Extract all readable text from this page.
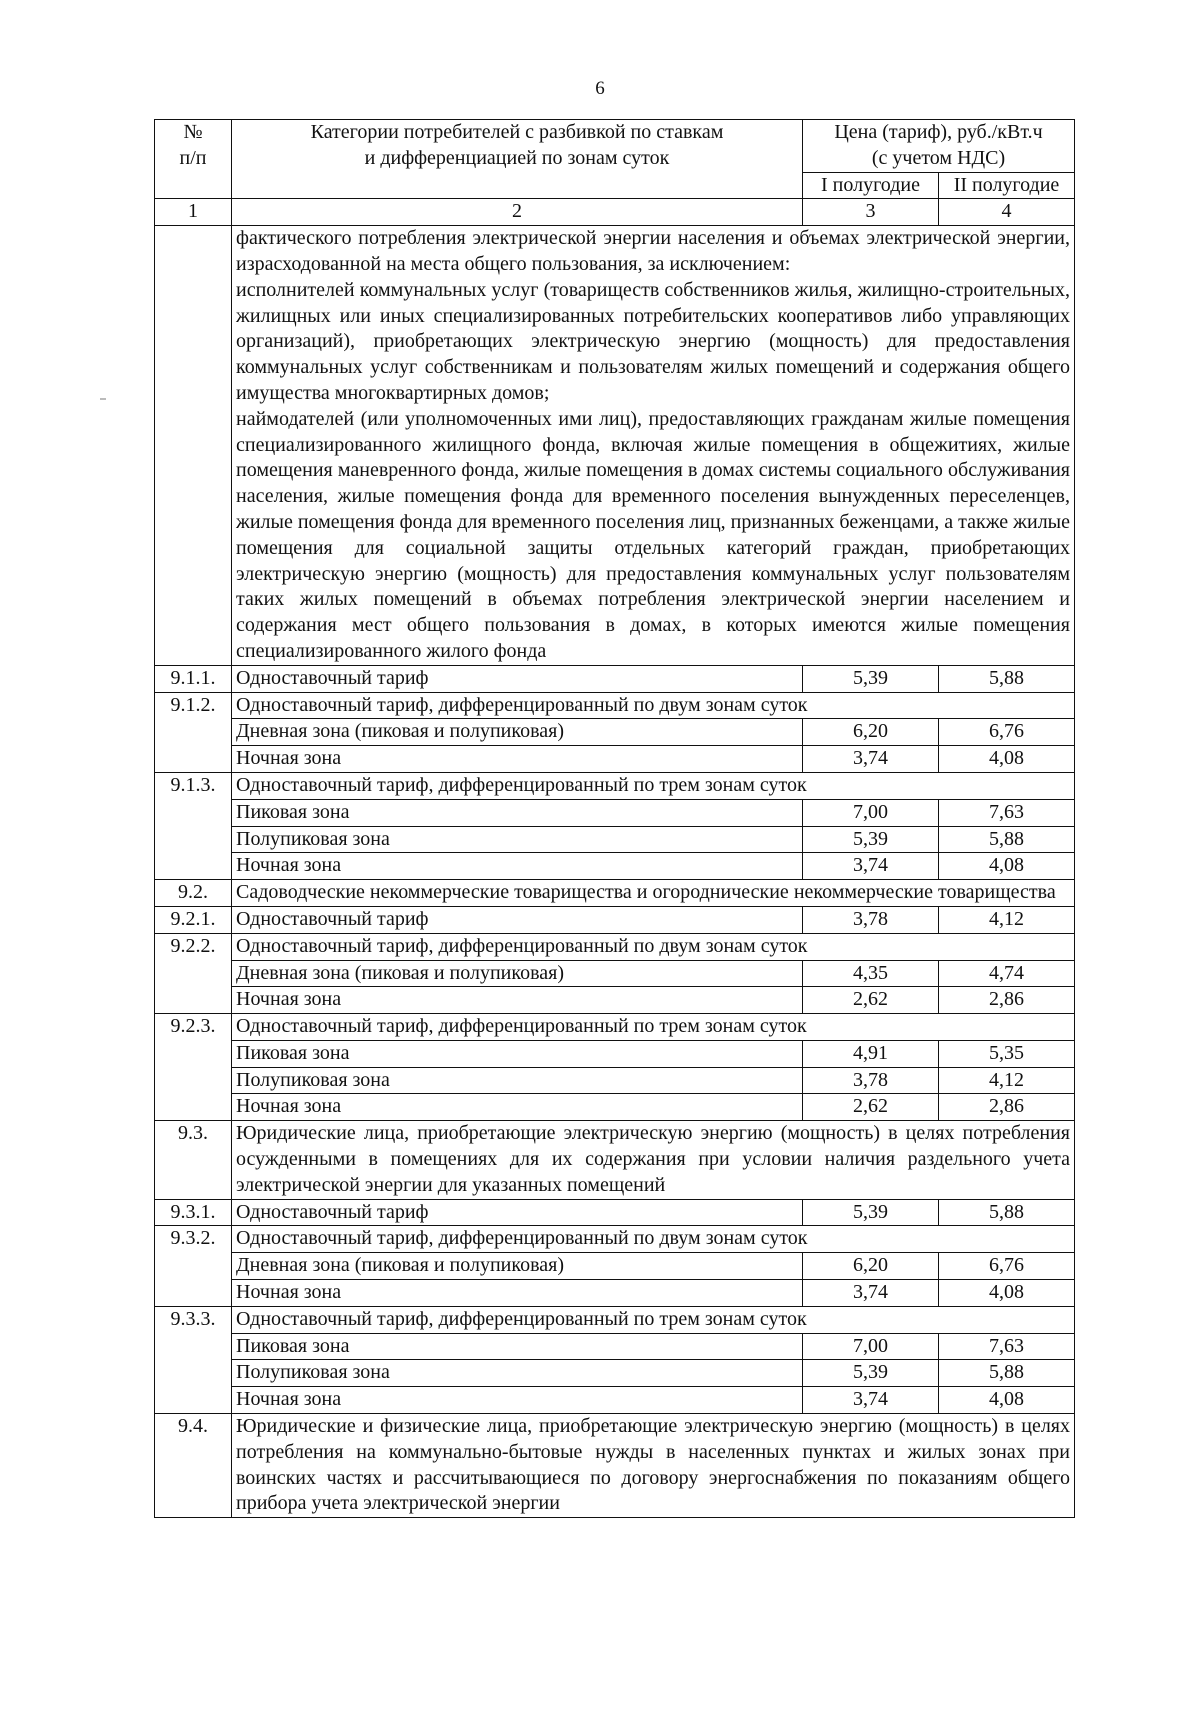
6
№
п/п	Категории потребителей с разбивкой по ставкам
и дифференциацией по зонам суток	Цена (тариф), руб./кВт.ч
(с учетом НДС)	

		I полугодие	II полугодие
1	2	3	4

	фактического потребления электрической энергии населения и объемах электрической энергии, израсходованной на места общего пользования, за исключением:
исполнителей коммунальных услуг (товариществ собственников жилья, жилищно-строительных, жилищных или иных специализированных потребительских кооперативов либо управляющих организаций), приобретающих электрическую энергию (мощность) для предоставления коммунальных услуг собственникам и пользователям жилых помещений и содержания общего имущества многоквартирных домов;
наймодателей (или уполномоченных ими лиц), предоставляющих гражданам жилые помещения специализированного жилищного фонда, включая жилые помещения в общежитиях, жилые помещения маневренного фонда, жилые помещения в домах системы социального обслуживания населения, жилые помещения фонда для временного поселения вынужденных переселенцев, жилые помещения фонда для временного поселения лиц, признанных беженцами, а также жилые помещения для социальной защиты отдельных категорий граждан, приобретающих электрическую энергию (мощность) для предоставления коммунальных услуг пользователям таких жилых помещений в объемах потребления электрической энергии населением и содержания мест общего пользования в домах, в которых имеются жилые помещения специализированного жилого фонда		

9.1.1.	Одноставочный тариф	5,39	5,88
9.1.2.	Одноставочный тариф, дифференцированный по двум зонам суток		
	Дневная зона (пиковая и полупиковая)	6,20	6,76
	Ночная зона	3,74	4,08
9.1.3.	Одноставочный тариф, дифференцированный по трем зонам суток		
	Пиковая зона	7,00	7,63
	Полупиковая зона	5,39	5,88
	Ночная зона	3,74	4,08
9.2.	Садоводческие некоммерческие товарищества и огороднические некоммерческие товарищества		
9.2.1.	Одноставочный тариф	3,78	4,12
9.2.2.	Одноставочный тариф, дифференцированный по двум зонам суток		
	Дневная зона (пиковая и полупиковая)	4,35	4,74
	Ночная зона	2,62	2,86
9.2.3.	Одноставочный тариф, дифференцированный по трем зонам суток		
	Пиковая зона	4,91	5,35
	Полупиковая зона	3,78	4,12
	Ночная зона	2,62	2,86
9.3.	Юридические лица, приобретающие электрическую энергию (мощность) в целях потребления осужденными в помещениях для их содержания при условии наличия раздельного учета электрической энергии для указанных помещений		
9.3.1.	Одноставочный тариф	5,39	5,88
9.3.2.	Одноставочный тариф, дифференцированный по двум зонам суток		
	Дневная зона (пиковая и полупиковая)	6,20	6,76
	Ночная зона	3,74	4,08
9.3.3.	Одноставочный тариф, дифференцированный по трем зонам суток		
	Пиковая зона	7,00	7,63
	Полупиковая зона	5,39	5,88
	Ночная зона	3,74	4,08
9.4.	Юридические и физические лица, приобретающие электрическую энергию (мощность) в целях потребления на коммунально-бытовые нужды в населенных пунктах и жилых зонах при воинских частях и рассчитывающиеся по договору энергоснабжения по показаниям общего прибора учета электрической энергии		
